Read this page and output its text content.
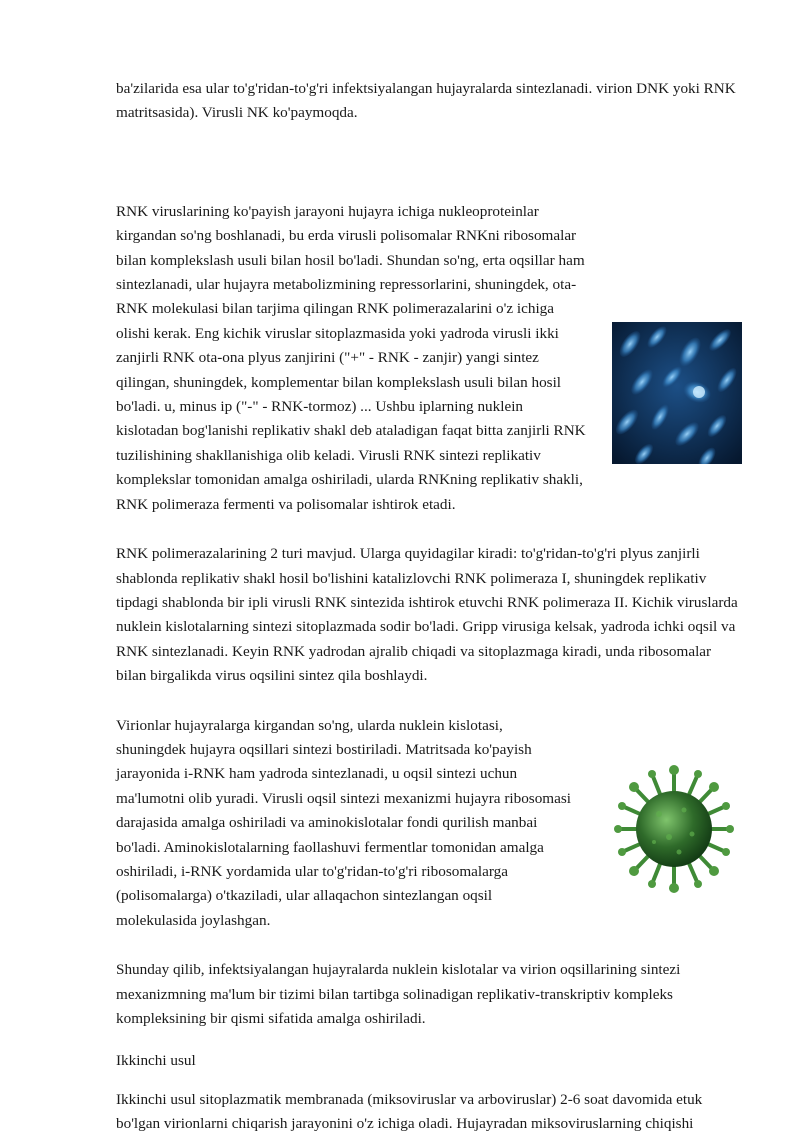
ba'zilarida esa ular to'g'ridan-to'g'ri infektsiyalangan hujayralarda sintezlanadi. virion DNK yoki RNK matritsasida). Virusli NK ko'paymoqda.

RNK viruslarining ko'payish jarayoni hujayra ichiga nukleoproteinlar kirgandan so'ng boshlanadi, bu erda virusli polisomalar RNKni ribosomalar bilan komplekslash usuli bilan hosil bo'ladi. Shundan so'ng, erta oqsillar ham sintezlanadi, ular hujayra metabolizmining repressorlarini, shuningdek, ota-RNK molekulasi bilan tarjima qilingan RNK polimerazalarini o'z ichiga olishi kerak. Eng kichik viruslar sitoplazmasida yoki yadroda virusli ikki zanjirli RNK ota-ona plyus zanjirini ("+" - RNK - zanjir) yangi sintez qilingan, shuningdek, komplementar bilan komplekslash usuli bilan hosil bo'ladi. u, minus ip ("-" - RNK-tormoz) ... Ushbu iplarning nuklein kislotadan bog'lanishi replikativ shakl deb ataladigan faqat bitta zanjirli RNK tuzilishining shakllanishiga olib keladi. Virusli RNK sintezi replikativ komplekslar tomonidan amalga oshiriladi, ularda RNKning replikativ shakli, RNK polimeraza fermenti va polisomalar ishtirok etadi.

RNK polimerazalarining 2 turi mavjud. Ularga quyidagilar kiradi: to'g'ridan-to'g'ri plyus zanjirli shablonda replikativ shakl hosil bo'lishini katalizlovchi RNK polimeraza I, shuningdek replikativ tipdagi shablonda bir ipli virusli RNK sintezida ishtirok etuvchi RNK polimeraza II. Kichik viruslarda nuklein kislotalarning sintezi sitoplazmada sodir bo'ladi. Gripp virusiga kelsak, yadroda ichki oqsil va RNK sintezlanadi. Keyin RNK yadrodan ajralib chiqadi va sitoplazmaga kiradi, unda ribosomalar bilan birgalikda virus oqsilini sintez qila boshlaydi.

Virionlar hujayralarga kirgandan so'ng, ularda nuklein kislotasi, shuningdek hujayra oqsillari sintezi bostiriladi. Matritsada ko'payish jarayonida i-RNK ham yadroda sintezlanadi, u oqsil sintezi uchun ma'lumotni olib yuradi. Virusli oqsil sintezi mexanizmi hujayra ribosomasi darajasida amalga oshiriladi va aminokislotalar fondi qurilish manbai bo'ladi. Aminokislotalarning faollashuvi fermentlar tomonidan amalga oshiriladi, i-RNK yordamida ular to'g'ridan-to'g'ri ribosomalarga (polisomalarga) o'tkaziladi, ular allaqachon sintezlangan oqsil molekulasida joylashgan.

Shunday qilib, infektsiyalangan hujayralarda nuklein kislotalar va virion oqsillarining sintezi mexanizmning ma'lum bir tizimi bilan tartibga solinadigan replikativ-transkriptiv kompleks kompleksining bir qismi sifatida amalga oshiriladi.

Ikkinchi usul

Ikkinchi usul sitoplazmatik membranada (miksoviruslar va arboviruslar) 2-6 soat davomida etuk bo'lgan virionlarni chiqarish jarayonini o'z ichiga oladi. Hujayradan miksoviruslarning chiqishi
